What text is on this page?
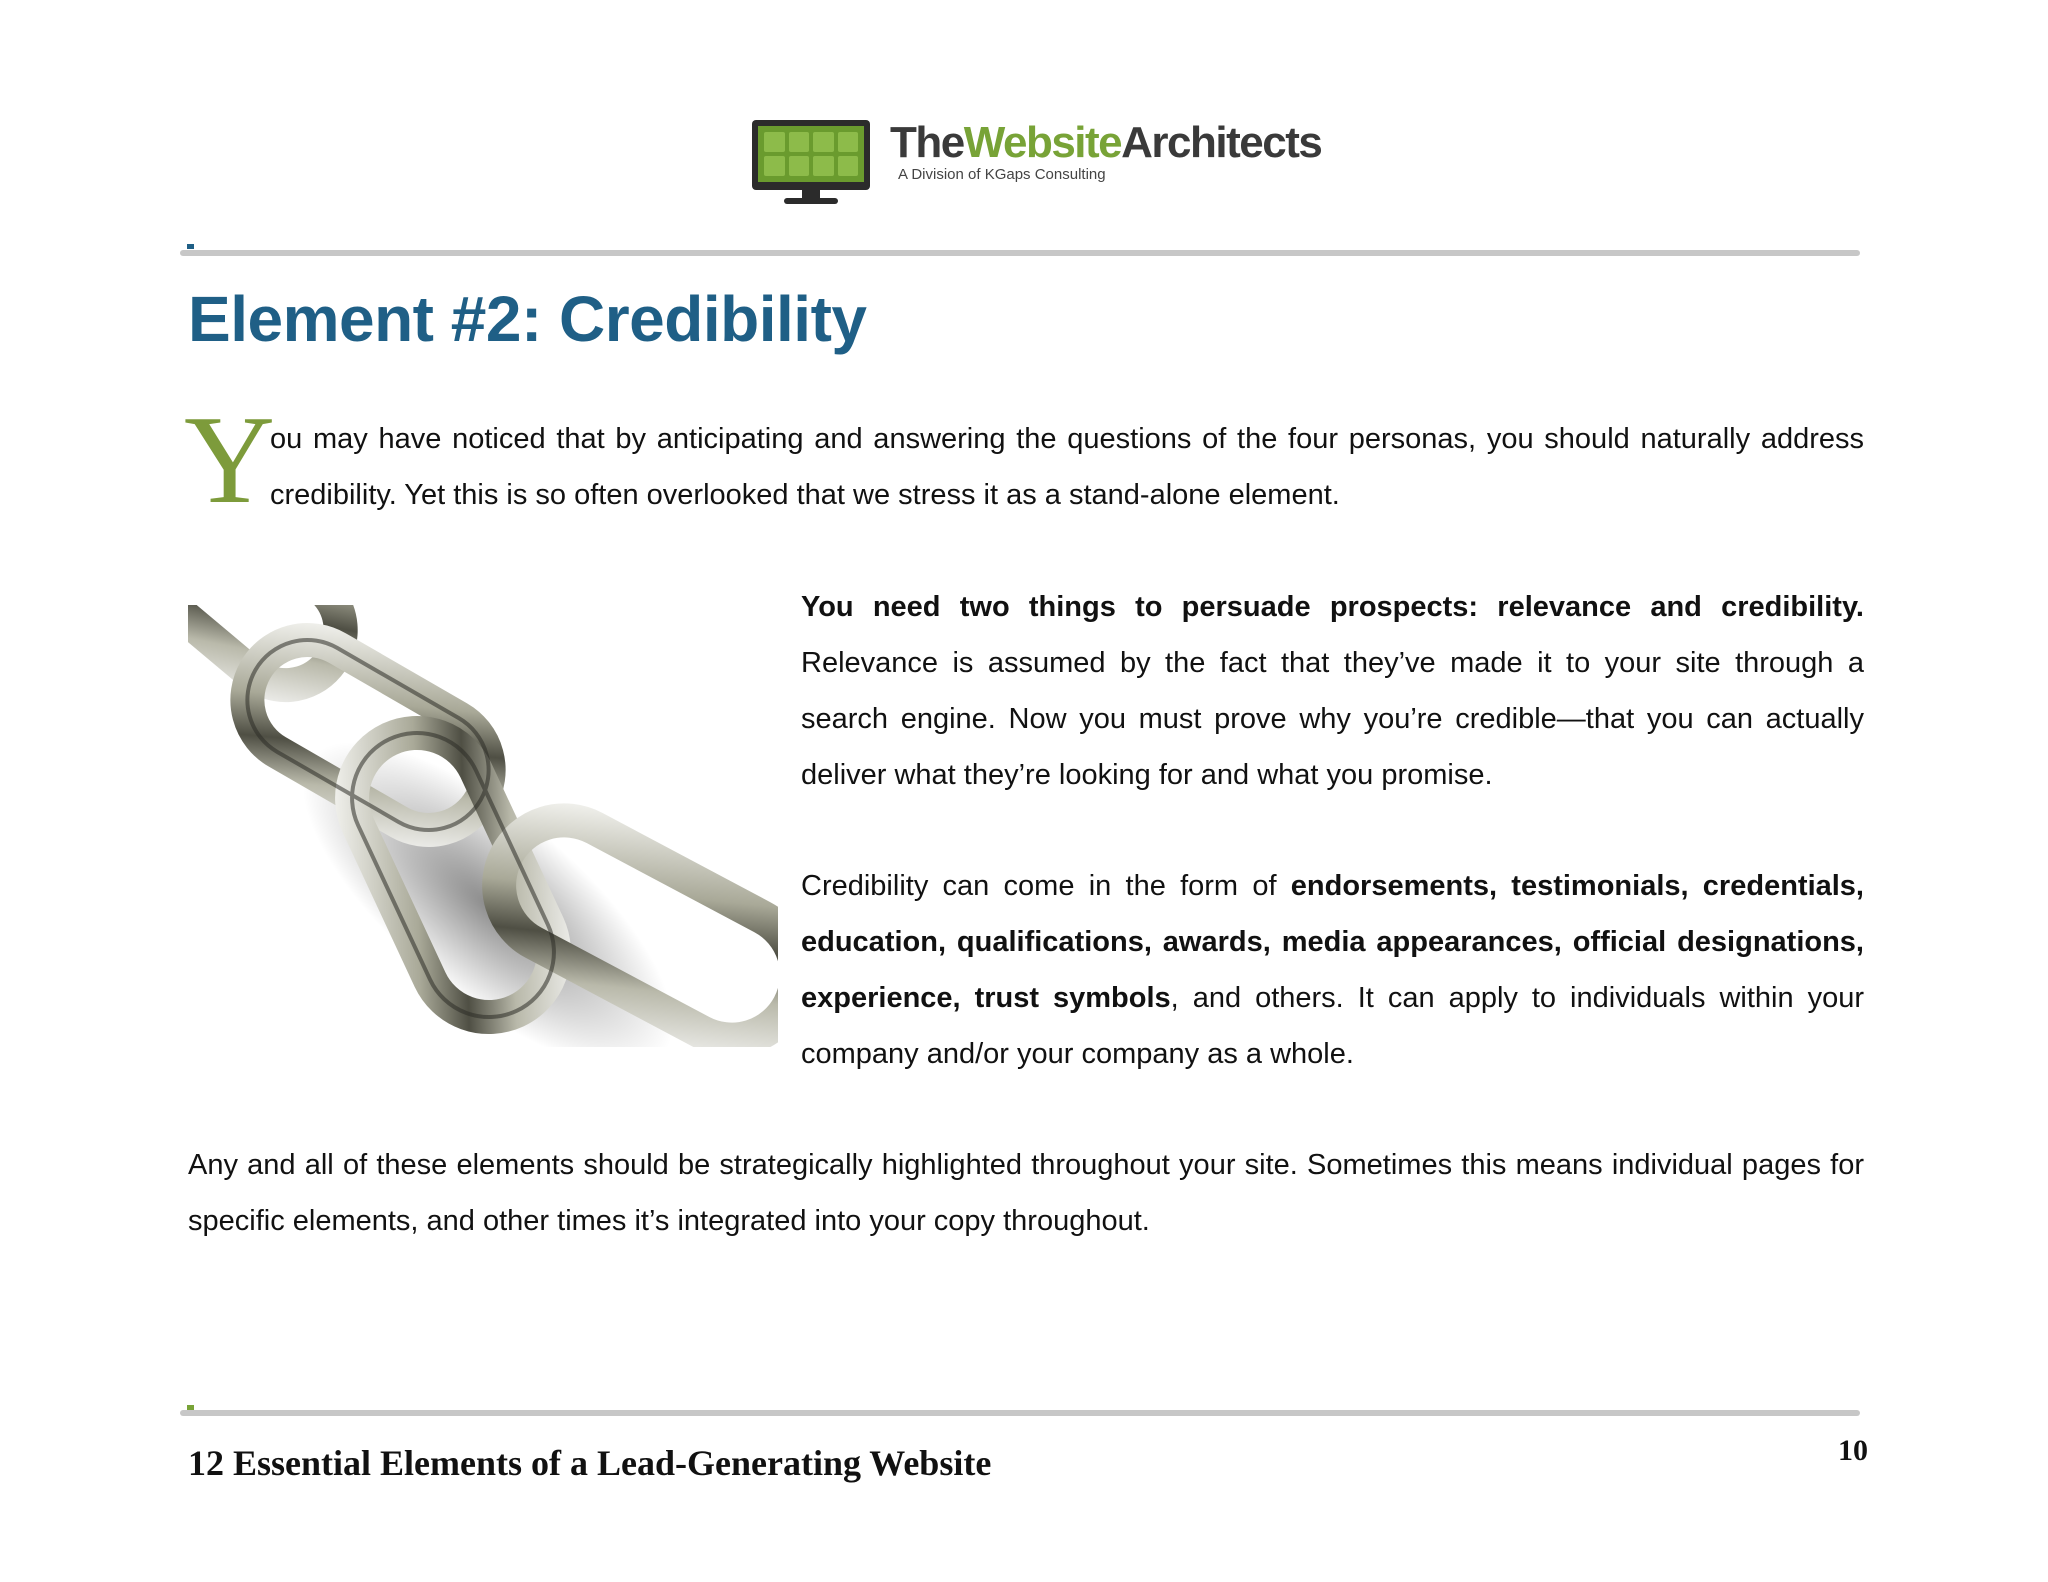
TheWebsiteArchitects
A Division of KGaps Consulting
Element #2: Credibility
Y

ou may have noticed that by anticipating and answering the questions of the four personas, you should naturally address credibility. Yet this is so often overlooked that we stress it as a stand-alone element.

You need two things to persuade prospects: relevance and credibility. Relevance is assumed by the fact that they’ve made it to your site through a search engine. Now you must prove why you’re credible—that you can actually deliver what they’re looking for and what you promise.

Credibility can come in the form of endorsements, testimonials, credentials, education, qualifications, awards, media appearances, official designations, experience, trust symbols, and others. It can apply to individuals within your company and/or your company as a whole.

Any and all of these elements should be strategically highlighted throughout your site. Sometimes this means individual pages for specific elements, and other times it’s integrated into your copy throughout.

12 Essential Elements of a Lead-Generating Website	10
